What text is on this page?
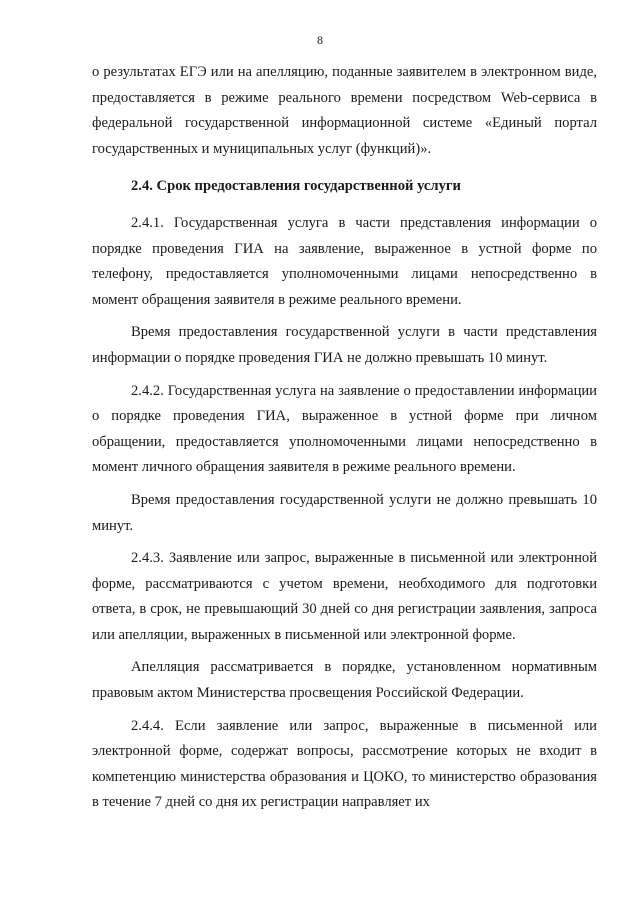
8

о результатах ЕГЭ или на апелляцию, поданные заявителем в электронном виде, предоставляется в режиме реального времени посредством Web-сервиса в федеральной государственной информационной системе «Единый портал государственных и муниципальных услуг (функций)».

2.4. Срок предоставления государственной услуги

2.4.1. Государственная услуга в части представления информации о порядке проведения ГИА на заявление, выраженное в устной форме по телефону, предоставляется уполномоченными лицами непосредственно в момент обращения заявителя в режиме реального времени.

Время предоставления государственной услуги в части представления информации о порядке проведения ГИА не должно превышать 10 минут.

2.4.2. Государственная услуга на заявление о предоставлении информации о порядке проведения ГИА, выраженное в устной форме при личном обращении, предоставляется уполномоченными лицами непосредственно в момент личного обращения заявителя в режиме реального времени.

Время предоставления государственной услуги не должно превышать 10 минут.

2.4.3. Заявление или запрос, выраженные в письменной или электронной форме, рассматриваются с учетом времени, необходимого для подготовки ответа, в срок, не превышающий 30 дней со дня регистрации заявления, запроса или апелляции, выраженных в письменной или электронной форме.

Апелляция рассматривается в порядке, установленном нормативным правовым актом Министерства просвещения Российской Федерации.

2.4.4. Если заявление или запрос, выраженные в письменной или электронной форме, содержат вопросы, рассмотрение которых не входит в компетенцию министерства образования и ЦОКО, то министерство образования в течение 7 дней со дня их регистрации направляет их
